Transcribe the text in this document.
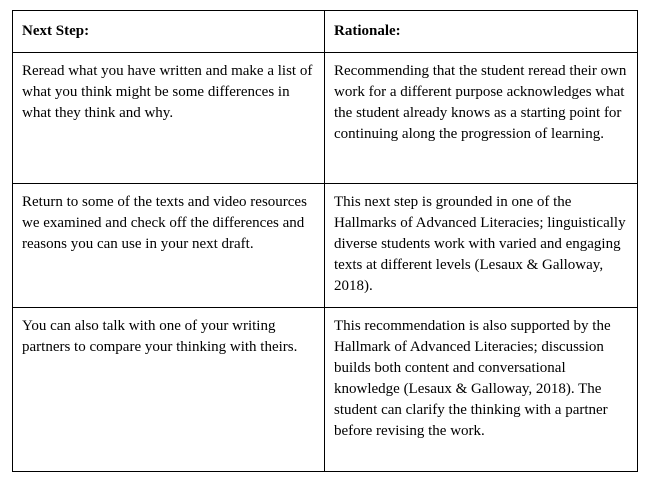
Next Step:	Rationale:
Reread what you have written and make a list of what you think might be some differences in what they think and why.	Recommending that the student reread their own work for a different purpose acknowledges what the student already knows as a starting point for continuing along the progression of learning.
Return to some of the texts and video resources we examined and check off the differences and reasons you can use in your next draft.	This next step is grounded in one of the Hallmarks of Advanced Literacies; linguistically diverse students work with varied and engaging texts at different levels (Lesaux & Galloway, 2018).
You can also talk with one of your writing partners to compare your thinking with theirs.	This recommendation is also supported by the Hallmark of Advanced Literacies; discussion builds both content and conversational knowledge (Lesaux & Galloway, 2018). The student can clarify the thinking with a partner before revising the work.
